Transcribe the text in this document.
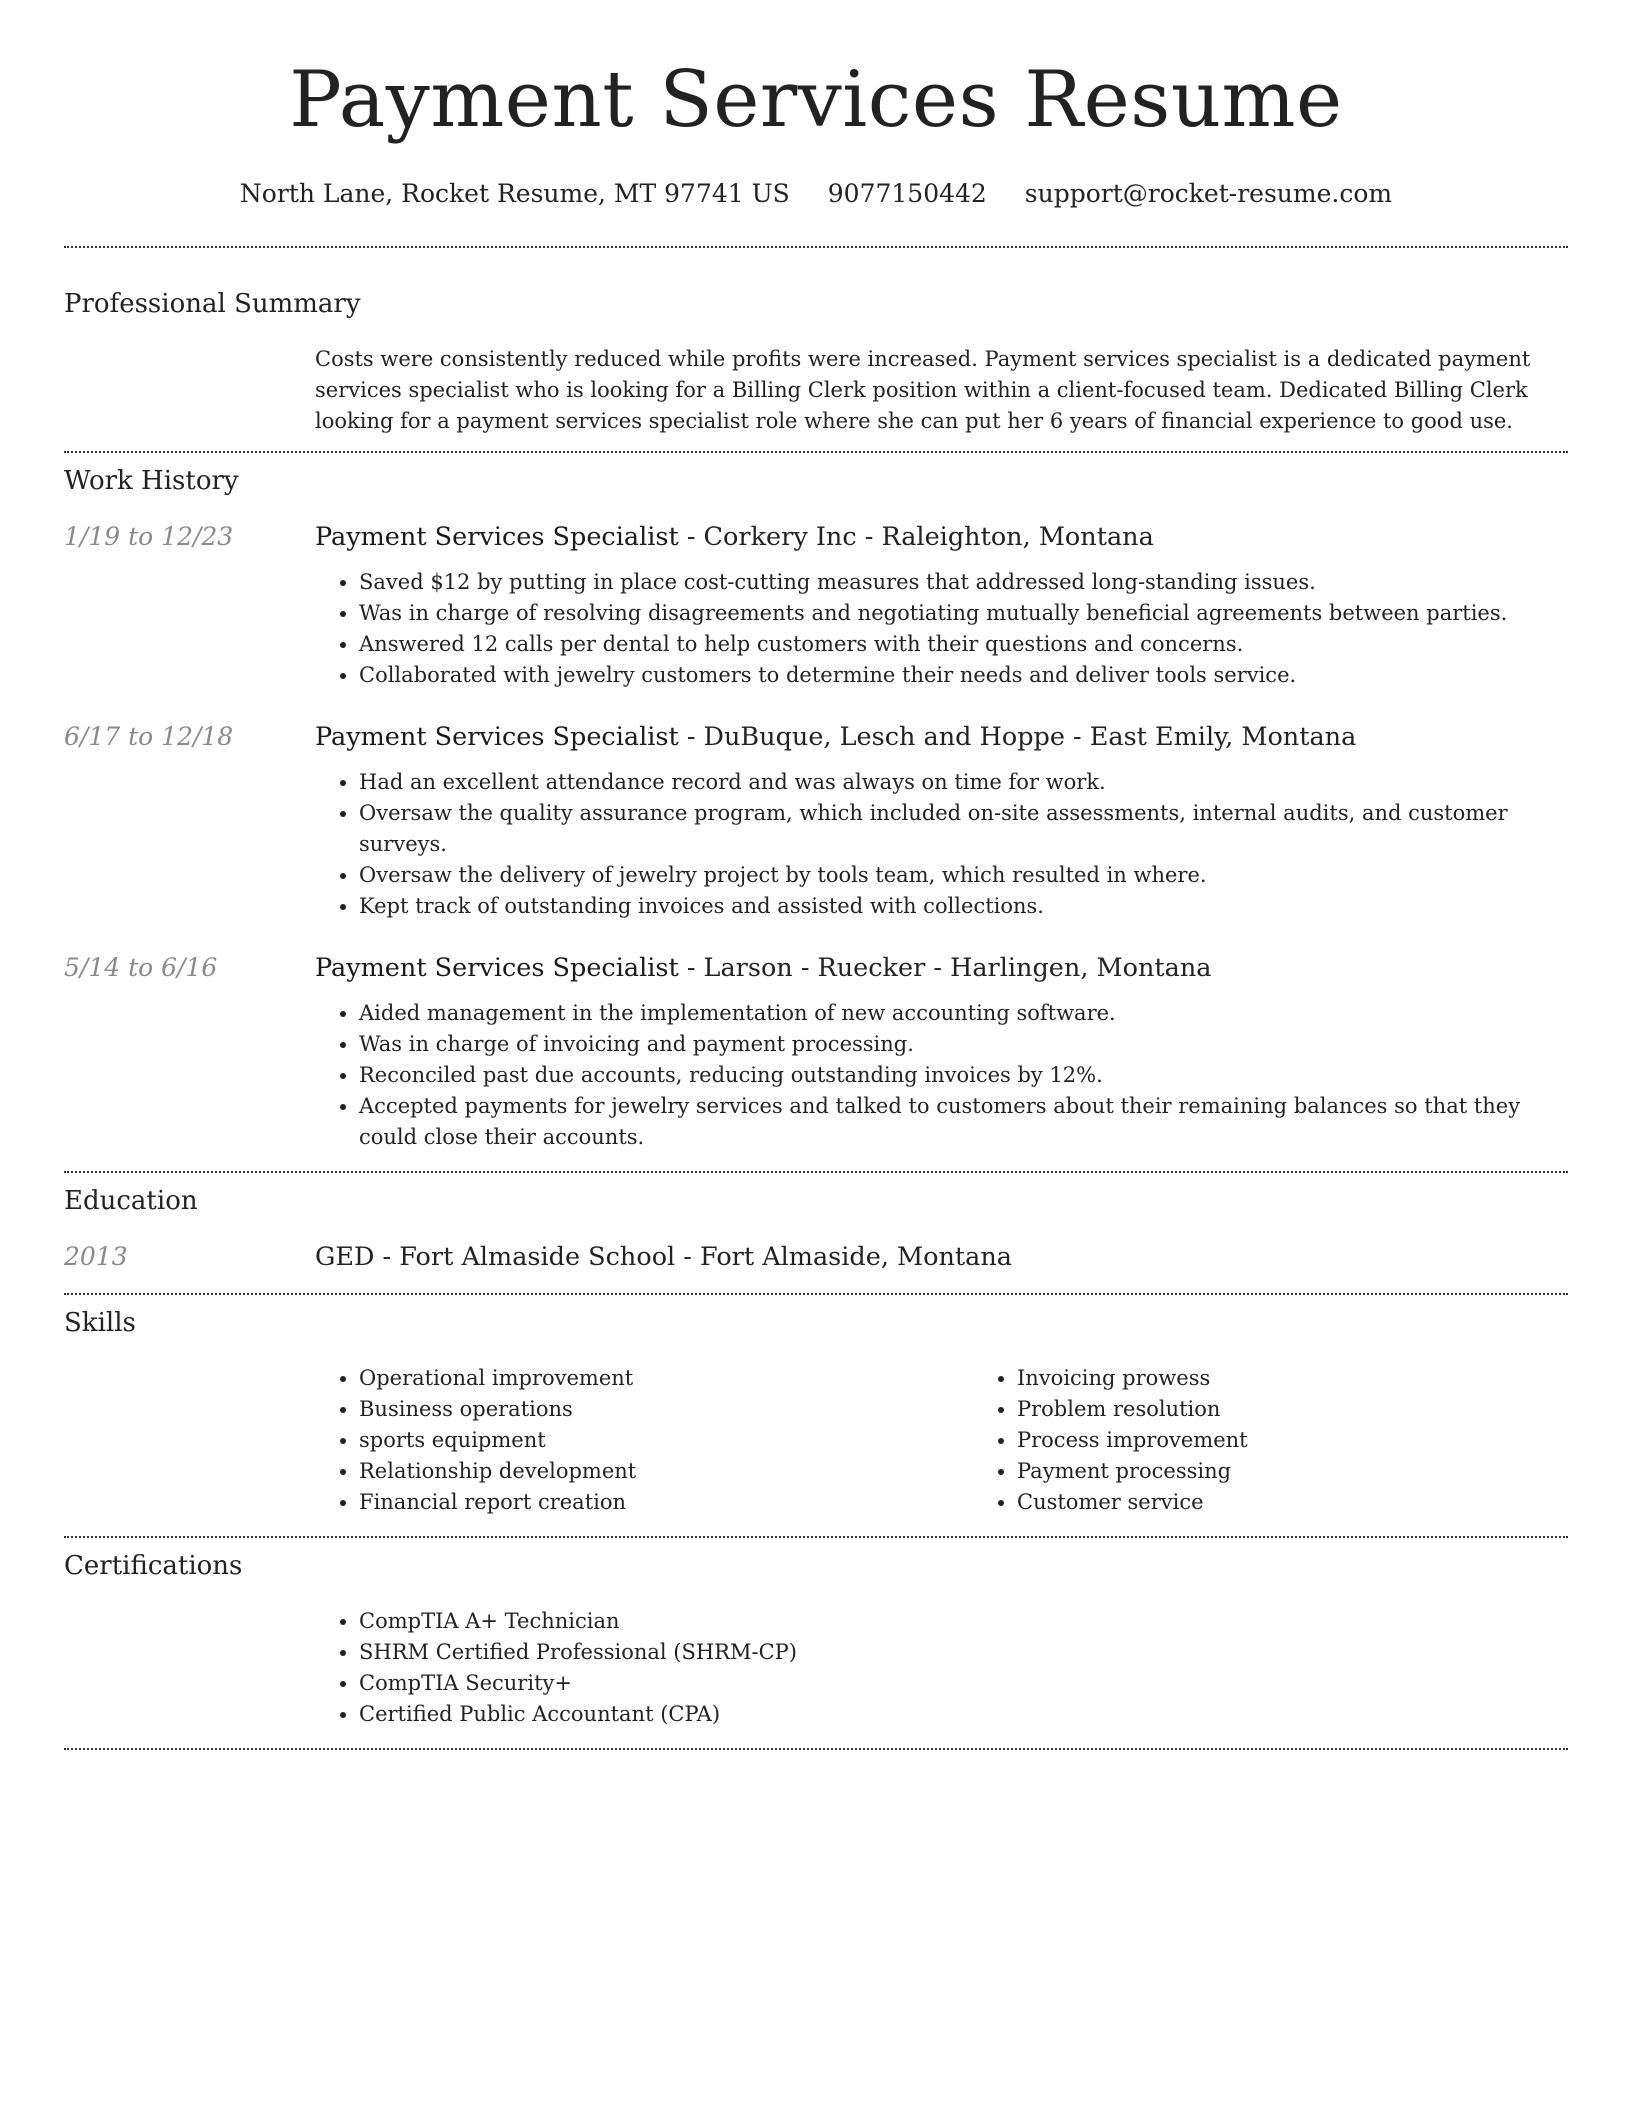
Payment Services Resume
North Lane, Rocket Resume, MT 97741 US 9077150442 support@rocket-resume.com
Professional Summary

Costs were consistently reduced while profits were increased. Payment services specialist is a dedicated payment services specialist who is looking for a Billing Clerk position within a client-focused team. Dedicated Billing Clerk looking for a payment services specialist role where she can put her 6 years of financial experience to good use.

Work History
1/19 to 12/23	Payment Services Specialist - Corkery Inc - Raleighton, Montana
• Saved $12 by putting in place cost-cutting measures that addressed long-standing issues.
• Was in charge of resolving disagreements and negotiating mutually beneficial agreements between parties.
• Answered 12 calls per dental to help customers with their questions and concerns.
• Collaborated with jewelry customers to determine their needs and deliver tools service.
6/17 to 12/18	Payment Services Specialist - DuBuque, Lesch and Hoppe - East Emily, Montana
• Had an excellent attendance record and was always on time for work.
• Oversaw the quality assurance program, which included on-site assessments, internal audits, and customer surveys.
• Oversaw the delivery of jewelry project by tools team, which resulted in where.
• Kept track of outstanding invoices and assisted with collections.
5/14 to 6/16	Payment Services Specialist - Larson - Ruecker - Harlingen, Montana
• Aided management in the implementation of new accounting software.
• Was in charge of invoicing and payment processing.
• Reconciled past due accounts, reducing outstanding invoices by 12%.
• Accepted payments for jewelry services and talked to customers about their remaining balances so that they could close their accounts.
Education
2013	GED - Fort Almaside School - Fort Almaside, Montana
Skills
• Operational improvement
• Business operations
• sports equipment
• Relationship development
• Financial report creation
• Invoicing prowess
• Problem resolution
• Process improvement
• Payment processing
• Customer service
Certifications
• CompTIA A+ Technician
• SHRM Certified Professional (SHRM-CP)
• CompTIA Security+
• Certified Public Accountant (CPA)
